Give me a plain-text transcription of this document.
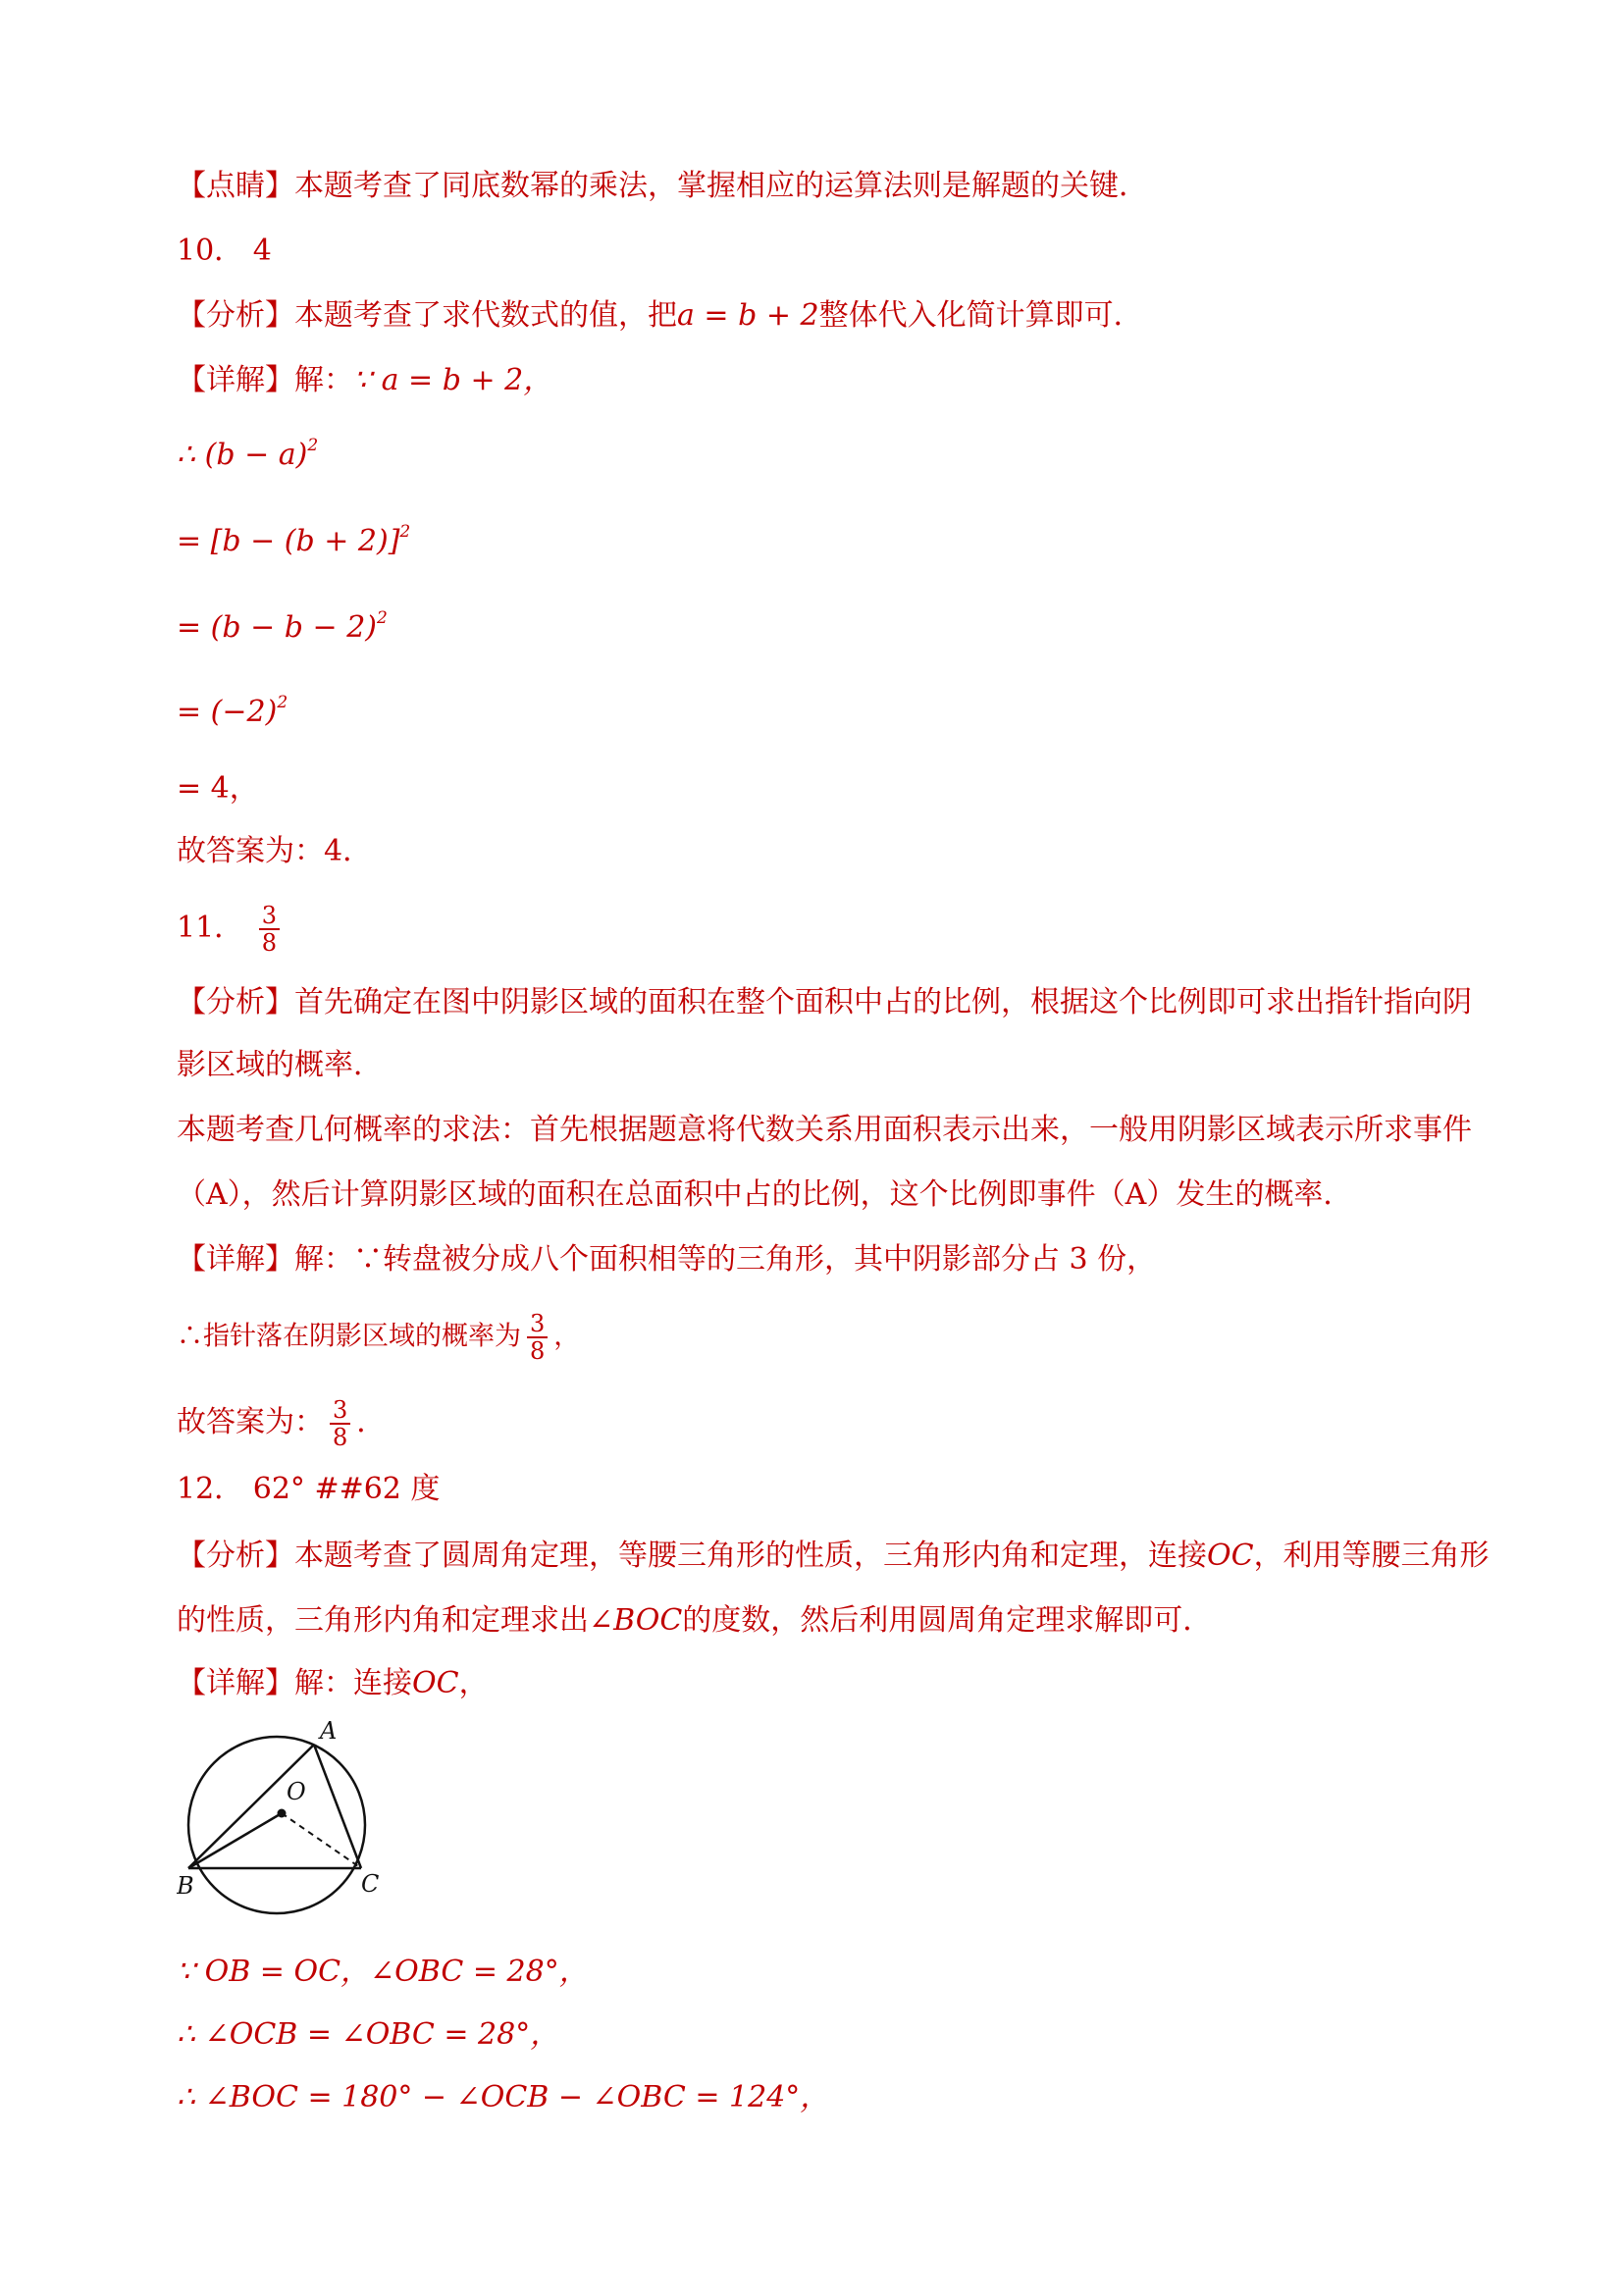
【点睛】本题考查了同底数幂的乘法，掌握相应的运算法则是解题的关键．
10． 4
【分析】本题考查了求代数式的值，把a = b + 2整体代入化简计算即可．
【详解】解：∵ a = b + 2，
∴ $(b - a)^2$
= $[b - (b + 2)]^2$
= $(b - b - 2)^2$
= $(-2)^2$
= 4，
故答案为：4．
11． $\frac{3}{8}$
【分析】首先确定在图中阴影区域的面积在整个面积中占的比例，根据这个比例即可求出指针指向阴
影区域的概率．
本题考查几何概率的求法：首先根据题意将代数关系用面积表示出来，一般用阴影区域表示所求事件
（A），然后计算阴影区域的面积在总面积中占的比例，这个比例即事件（A）发生的概率．
【详解】解：∵转盘被分成八个面积相等的三角形，其中阴影部分占 3 份，
∴指针落在阴影区域的概率为 $\frac{3}{8}$ ，
故答案为： $\frac{3}{8}$ ．
12． 62° ##62 度
【分析】本题考查了圆周角定理，等腰三角形的性质，三角形内角和定理，连接OC，利用等腰三角形
的性质，三角形内角和定理求出∠BOC的度数，然后利用圆周角定理求解即可．
【详解】解：连接OC，
A
B	C
O
∵ OB = OC，∠OBC = 28°，
∴ ∠OCB = ∠OBC = 28°，
∴ ∠BOC = 180° − ∠OCB − ∠OBC = 124°，
